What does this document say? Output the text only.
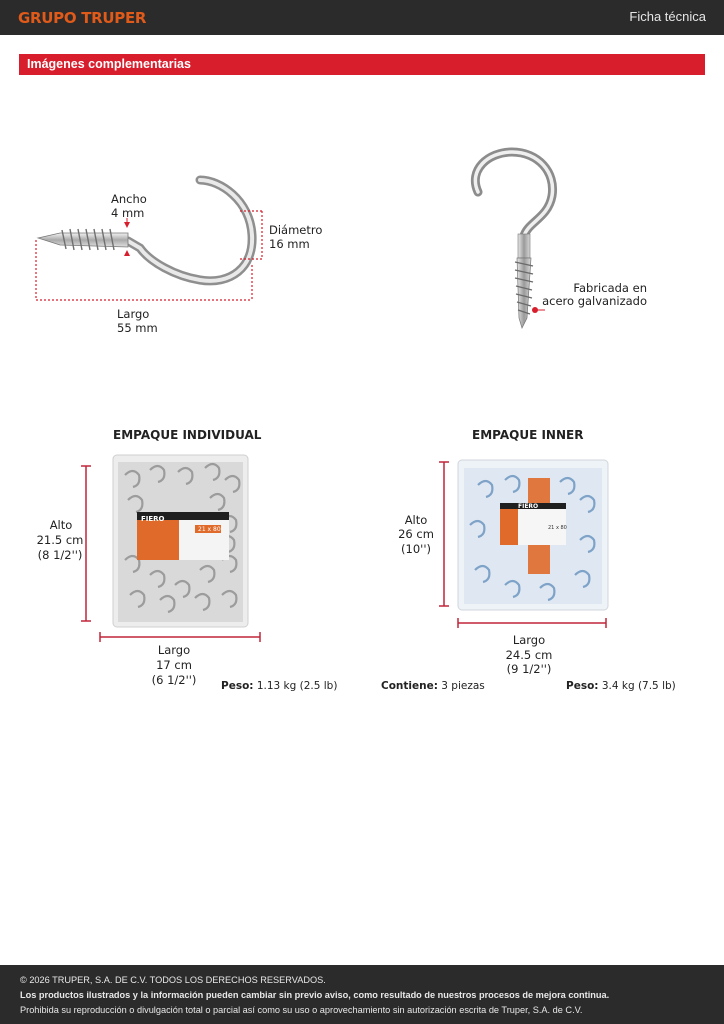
GRUPO TRUPER	Ficha técnica
Imágenes complementarias
FIERO
21 x 80
FIERO
21 x 80
Ancho
4 mm
Diámetro
16 mm
Largo
55 mm
Fabricada en
acero galvanizado
EMPAQUE INDIVIDUAL
Alto
21.5 cm
(8 1/2'')
Largo
17 cm
(6 1/2'')	Peso: 1.13 kg (2.5 lb)
EMPAQUE INNER
Alto
26 cm
(10'')
Largo
24.5 cm
(9 1/2'')
Contiene: 3 piezas	Peso: 3.4 kg (7.5 lb)
© 2026 TRUPER, S.A. DE C.V. TODOS LOS DERECHOS RESERVADOS.
Los productos ilustrados y la información pueden cambiar sin previo aviso, como resultado de nuestros procesos de mejora continua.
Prohibida su reproducción o divulgación total o parcial así como su uso o aprovechamiento sin autorización escrita de Truper, S.A. de C.V.
